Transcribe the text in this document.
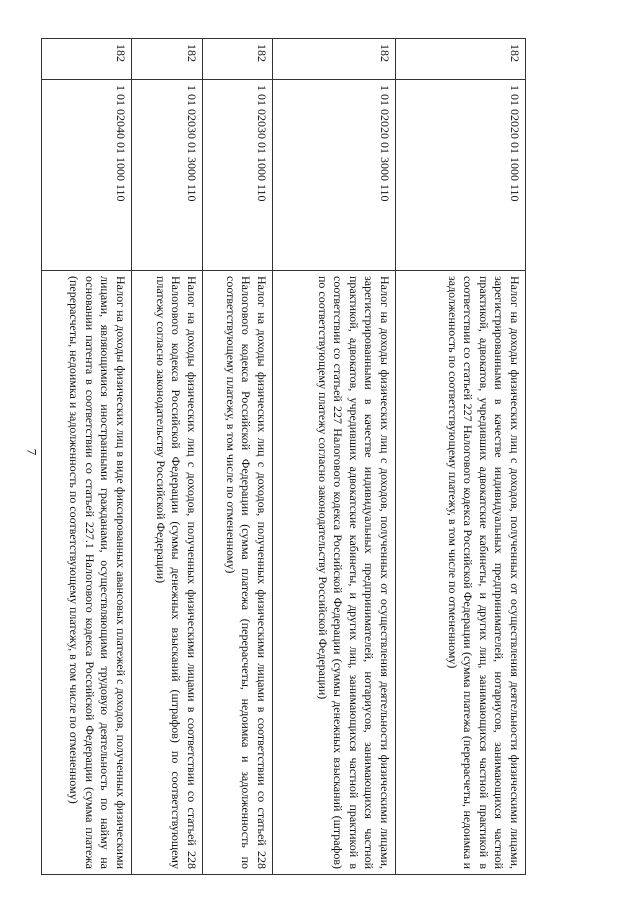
7
182	1 01 02020 01 1000 110	Налог на доходы физических лиц с доходов, полученных от осуществления деятельности физическими лицами, зарегистрированными в качестве индивидуальных предпринимателей, нотариусов, занимающихся частной практикой, адвокатов, учредивших адвокатские кабинеты, и других лиц, занимающихся частной практикой в соответствии со статьей 227 Налогового кодекса Российской Федерации (сумма платежа (перерасчеты, недоимка и задолженность по соответствующему платежу, в том числе по отмененному)
182	1 01 02020 01 3000 110	Налог на доходы физических лиц с доходов, полученных от осуществления деятельности физическими лицами, зарегистрированными в качестве индивидуальных предпринимателей, нотариусов, занимающихся частной практикой, адвокатов, учредивших адвокатские кабинеты, и других лиц, занимающихся частной практикой в соответствии со статьей 227 Налогового кодекса Российской Федерации (суммы денежных взысканий (штрафов) по соответствующему платежу согласно законодательству Российской Федерации)
182	1 01 02030 01 1000 110	Налог на доходы физических лиц с доходов, полученных физическими лицами в соответствии со статьей 228 Налогового кодекса Российской Федерации (сумма платежа (перерасчеты, недоимка и задолженность по соответствующему платежу, в том числе по отмененному)
182	1 01 02030 01 3000 110	Налог на доходы физических лиц с доходов, полученных физическими лицами в соответствии со статьей 228 Налогового кодекса Российской Федерации (суммы денежных взысканий (штрафов) по соответствующему платежу согласно законодательству Российской Федерации)
182	1 01 02040 01 1000 110	Налог на доходы физических лиц в виде фиксированных авансовых платежей с доходов, полученных физическими лицами, являющимися иностранными гражданами, осуществляющими трудовую деятельность по найму на основании патента в соответствии со статьей 227.1 Налогового кодекса Российской Федерации (сумма платежа (перерасчеты, недоимка и задолженность по соответствующему платежу, в том числе по отмененному)
